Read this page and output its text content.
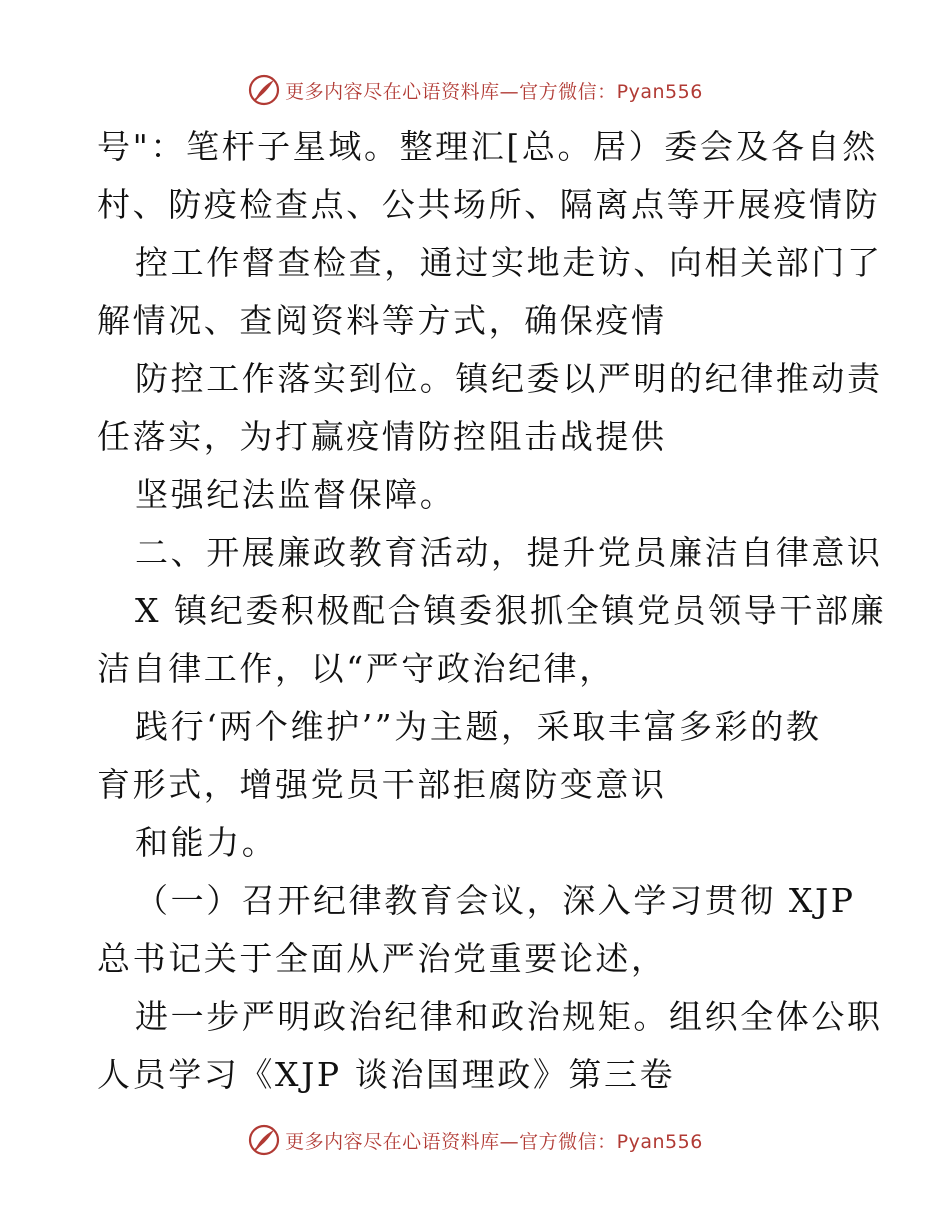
更多内容尽在心语资料库—官方微信：Pyan556
号"：笔杆子星域。整理汇[总。居）委会及各自然
村、防疫检查点、公共场所、隔离点等开展疫情防
控工作督查检查，通过实地走访、向相关部门了
解情况、查阅资料等方式，确保疫情
防控工作落实到位。镇纪委以严明的纪律推动责
任落实，为打赢疫情防控阻击战提供
坚强纪法监督保障。
二、开展廉政教育活动，提升党员廉洁自律意识
X 镇纪委积极配合镇委狠抓全镇党员领导干部廉
洁自律工作，以“严守政治纪律，
践行‘两个维护’”为主题，采取丰富多彩的教
育形式，增强党员干部拒腐防变意识
和能力。
（一）召开纪律教育会议，深入学习贯彻 XJP
总书记关于全面从严治党重要论述，
进一步严明政治纪律和政治规矩。组织全体公职
人员学习《XJP 谈治国理政》第三卷
更多内容尽在心语资料库—官方微信：Pyan556
